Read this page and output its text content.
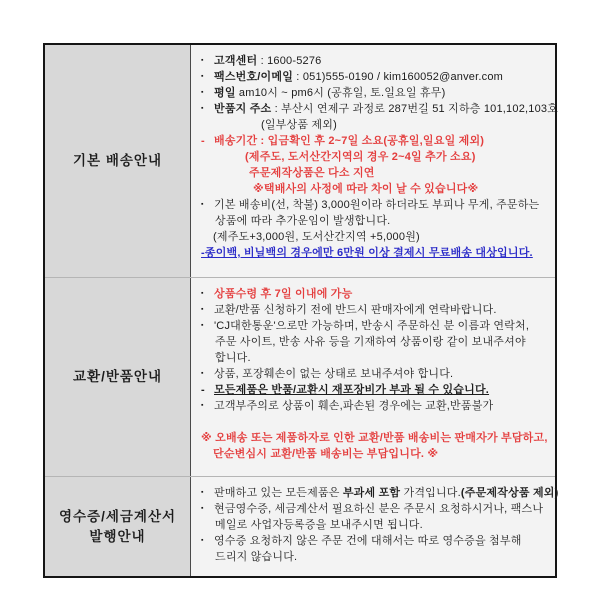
기본 배송안내

▪ 고객센터 : 1600-5276
▪ 팩스번호/이메일 : 051)555-0190 / kim160052@anver.com
▪ 평일 am10시 ~ pm6시 (공휴일, 토.일요일 휴무)
▪ 반품지 주소 : 부산시 연제구 과정로 287번길 51 지하층 101,102,103호
(일부상품 제외)
- 배송기간 : 입금확인 후 2~7일 소요(공휴일,일요일 제외)
(제주도, 도서산간지역의 경우 2~4일 추가 소요)
주문제작상품은 다소 지연
※택배사의 사정에 따라 차이 날 수 있습니다※
▪ 기본 배송비(선, 착불) 3,000원이라 하더라도 부피나 무게, 주문하는
상품에 따라 추가운임이 발생합니다.
(제주도+3,000원, 도서산간지역 +5,000원)
-종이백, 비닐백의 경우에만 6만원 이상 결제시 무료배송 대상입니다.

교환/반품안내

▪ 상품수령 후 7일 이내에 가능
▪ 교환/반품 신청하기 전에 반드시 판매자에게 연락바랍니다.
▪ 'CJ대한통운'으로만 가능하며, 반송시 주문하신 분 이름과 연락처,
주문 사이트, 반송 사유 등을 기재하여 상품이랑 같이 보내주셔야
합니다.
▪ 상품, 포장훼손이 없는 상태로 보내주셔야 합니다.
- 모든제품은 반품/교환시 재포장비가 부과 될 수 있습니다.
▪ 고객부주의로 상품이 훼손,파손된 경우에는 교환,반품불가

※ 오배송 또는 제품하자로 인한 교환/반품 배송비는 판매자가 부담하고,
단순변심시 교환/반품 배송비는 부담입니다. ※

영수증/세금계산서
발행안내

▪ 판매하고 있는 모든제품은 부과세 포함 가격입니다.(주문제작상품 제외)
▪ 현금영수증, 세금계산서 필요하신 분은 주문시 요청하시거나, 팩스나
메일로 사업자등록증을 보내주시면 됩니다.
▪ 영수증 요청하지 않은 주문 건에 대해서는 따로 영수증을 첨부해
드리지 않습니다.
